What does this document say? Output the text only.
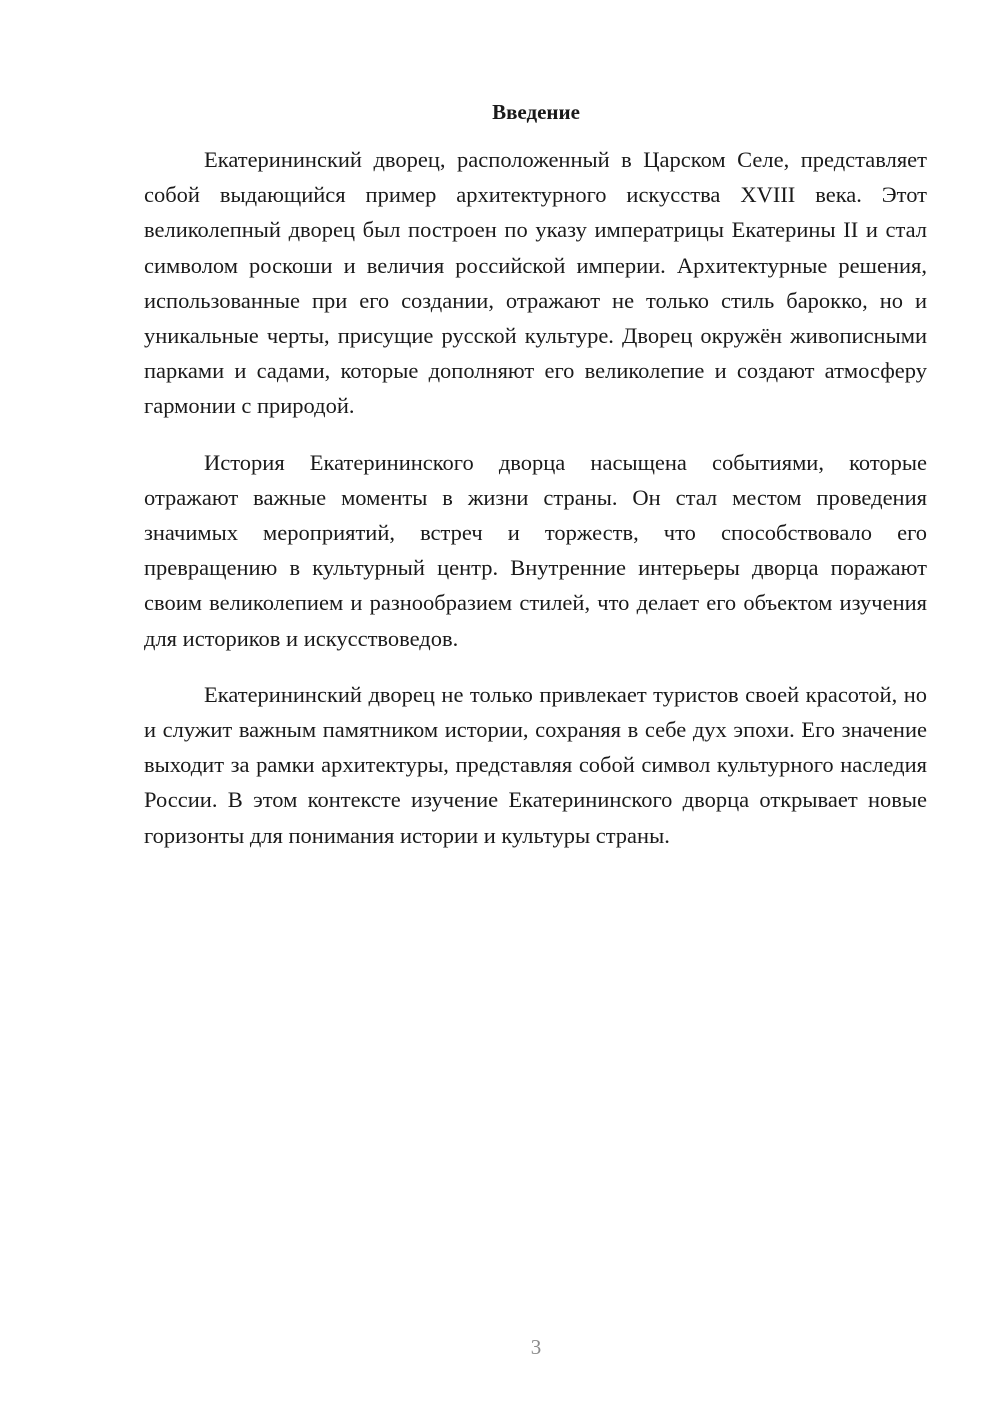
Введение

Екатерининский дворец, расположенный в Царском Селе, представляет собой выдающийся пример архитектурного искусства XVIII века. Этот великолепный дворец был построен по указу императрицы Екатерины II и стал символом роскоши и величия российской империи. Архитектурные решения, использованные при его создании, отражают не только стиль барокко, но и уникальные черты, присущие русской культуре. Дворец окружён живописными парками и садами, которые дополняют его великолепие и создают атмосферу гармонии с природой.

История Екатерининского дворца насыщена событиями, которые отражают важные моменты в жизни страны. Он стал местом проведения значимых мероприятий, встреч и торжеств, что способствовало его превращению в культурный центр. Внутренние интерьеры дворца поражают своим великолепием и разнообразием стилей, что делает его объектом изучения для историков и искусствоведов.

Екатерининский дворец не только привлекает туристов своей красотой, но и служит важным памятником истории, сохраняя в себе дух эпохи. Его значение выходит за рамки архитектуры, представляя собой символ культурного наследия России. В этом контексте изучение Екатерининского дворца открывает новые горизонты для понимания истории и культуры страны.

3
